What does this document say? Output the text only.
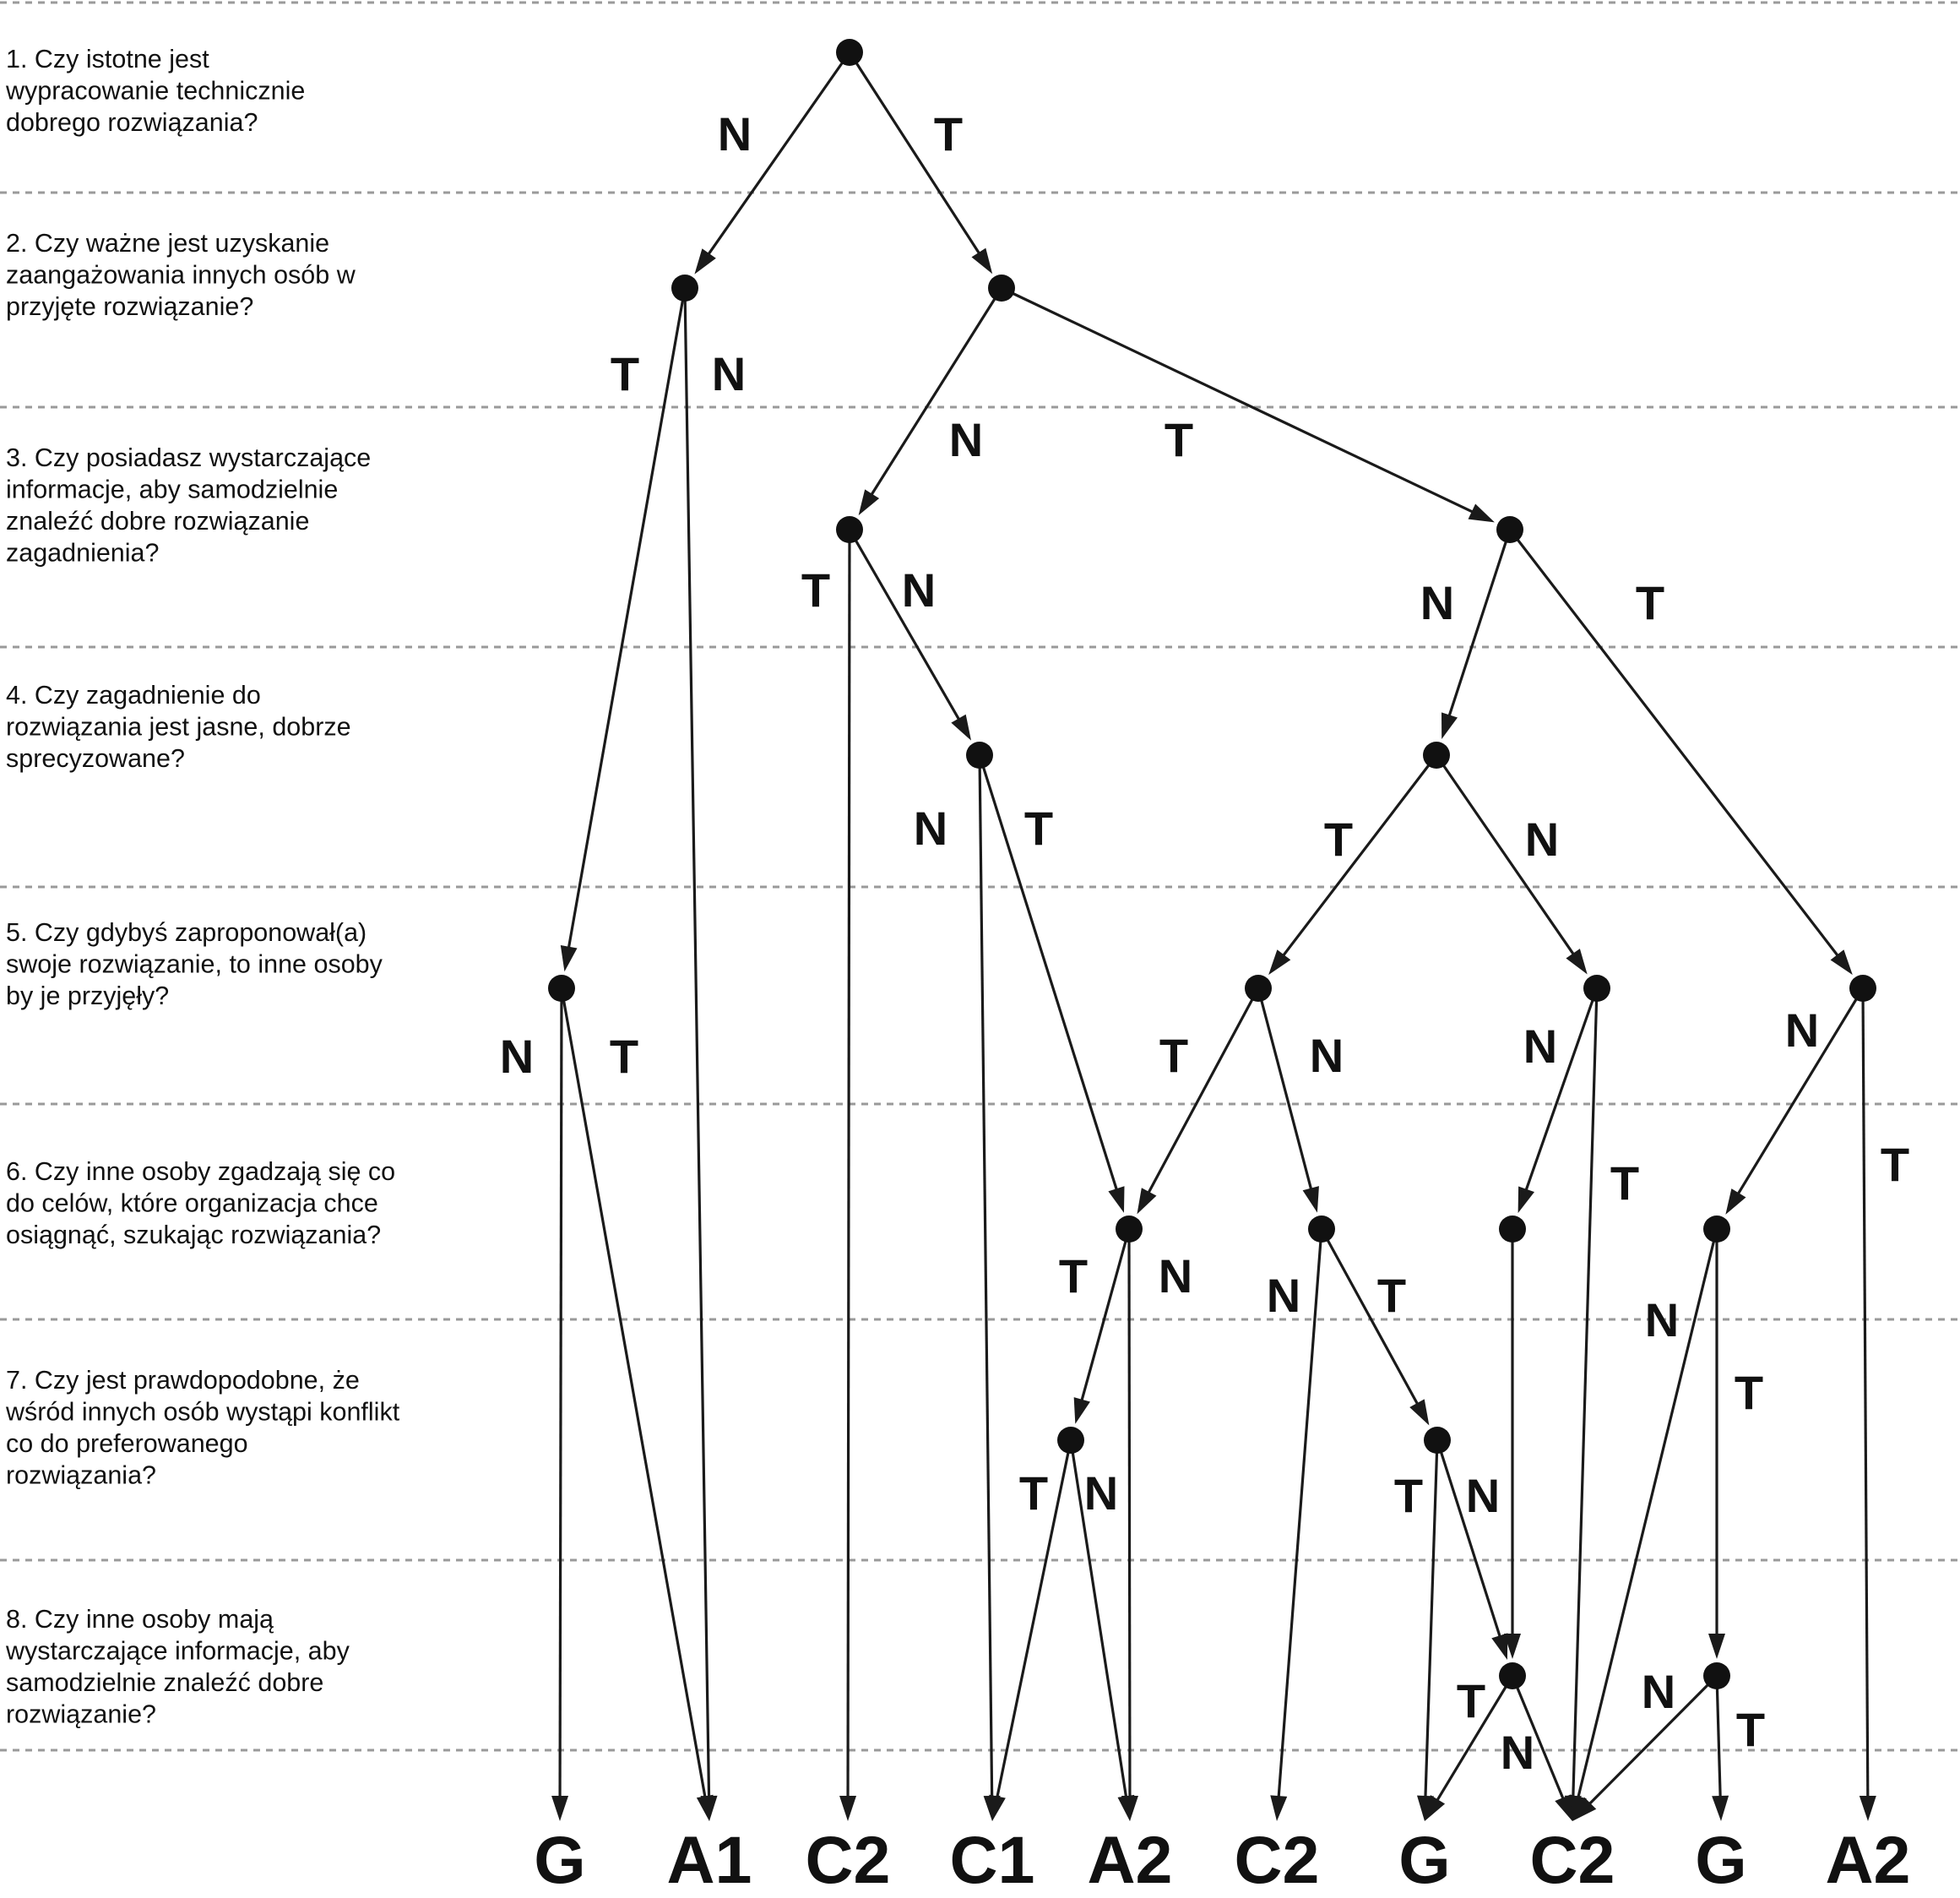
1. Czy istotne jest wypracowanie technicznie dobrego rozwiązania?
2. Czy ważne jest uzyskanie zaangażowania innych osób w przyjęte rozwiązanie?
3. Czy posiadasz wystarczające informacje, aby samodzielnie znaleźć dobre rozwiązanie zagadnienia?
4. Czy zagadnienie do rozwiązania jest jasne, dobrze sprecyzowane?
5. Czy gdybyś zaproponował(a) swoje rozwiązanie, to inne osoby by je przyjęły?
6. Czy inne osoby zgadzają się co do celów, które organizacja chce osiągnąć, szukając rozwiązania?
7. Czy jest prawdopodobne, że wśród innych osób wystąpi konflikt co do preferowanego rozwiązania?
8. Czy inne osoby mają wystarczające informacje, aby samodzielnie znaleźć dobre rozwiązanie?
N	T
T N
N	T
T N	N	T
N T	T	N
N T	T	N	N
T
N
T
T N N T	N
T
T N	T N
T
N
N
T
G A1 C2 C1 A2 C2 G C2 G A2
